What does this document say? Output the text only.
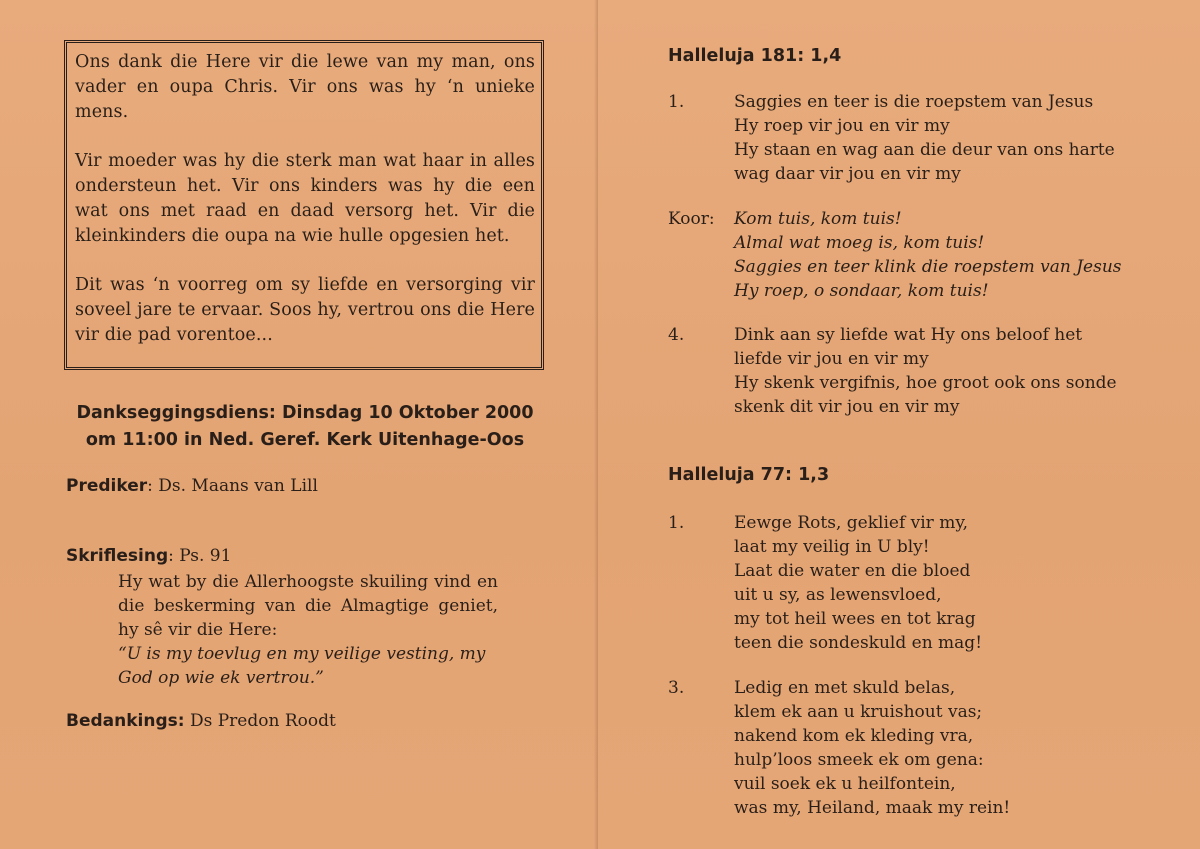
Ons dank die Here vir die lewe van my man, ons vader en oupa Chris. Vir ons was hy ‘n unieke mens.

Vir moeder was hy die sterk man wat haar in alles ondersteun het. Vir ons kinders was hy die een wat ons met raad en daad versorg het. Vir die kleinkinders die oupa na wie hulle opgesien het.

Dit was ‘n voorreg om sy liefde en versorging vir soveel jare te ervaar. Soos hy, vertrou ons die Here vir die pad vorentoe...

Dankseggingsdiens: Dinsdag 10 Oktober 2000
om 11:00 in Ned. Geref. Kerk Uitenhage-Oos
Prediker: Ds. Maans van Lill
Skriflesing: Ps. 91
Hy wat by die Allerhoogste skuiling vind en die beskerming van die Almagtige geniet, hy sê vir die Here:
“U is my toevlug en my veilige vesting, my God op wie ek vertrou.”
Bedankings: Ds Predon Roodt
Halleluja 181: 1,4
1.	Saggies en teer is die roepstem van Jesus
Hy roep vir jou en vir my
Hy staan en wag aan die deur van ons harte
wag daar vir jou en vir my
Koor:	Kom tuis, kom tuis!
Almal wat moeg is, kom tuis!
Saggies en teer klink die roepstem van Jesus
Hy roep, o sondaar, kom tuis!
4.	Dink aan sy liefde wat Hy ons beloof het
liefde vir jou en vir my
Hy skenk vergifnis, hoe groot ook ons sonde
skenk dit vir jou en vir my
Halleluja 77: 1,3
1.	Eewge Rots, geklief vir my,
laat my veilig in U bly!
Laat die water en die bloed
uit u sy, as lewensvloed,
my tot heil wees en tot krag
teen die sondeskuld en mag!
3.	Ledig en met skuld belas,
klem ek aan u kruishout vas;
nakend kom ek kleding vra,
hulp’loos smeek ek om gena:
vuil soek ek u heilfontein,
was my, Heiland, maak my rein!
